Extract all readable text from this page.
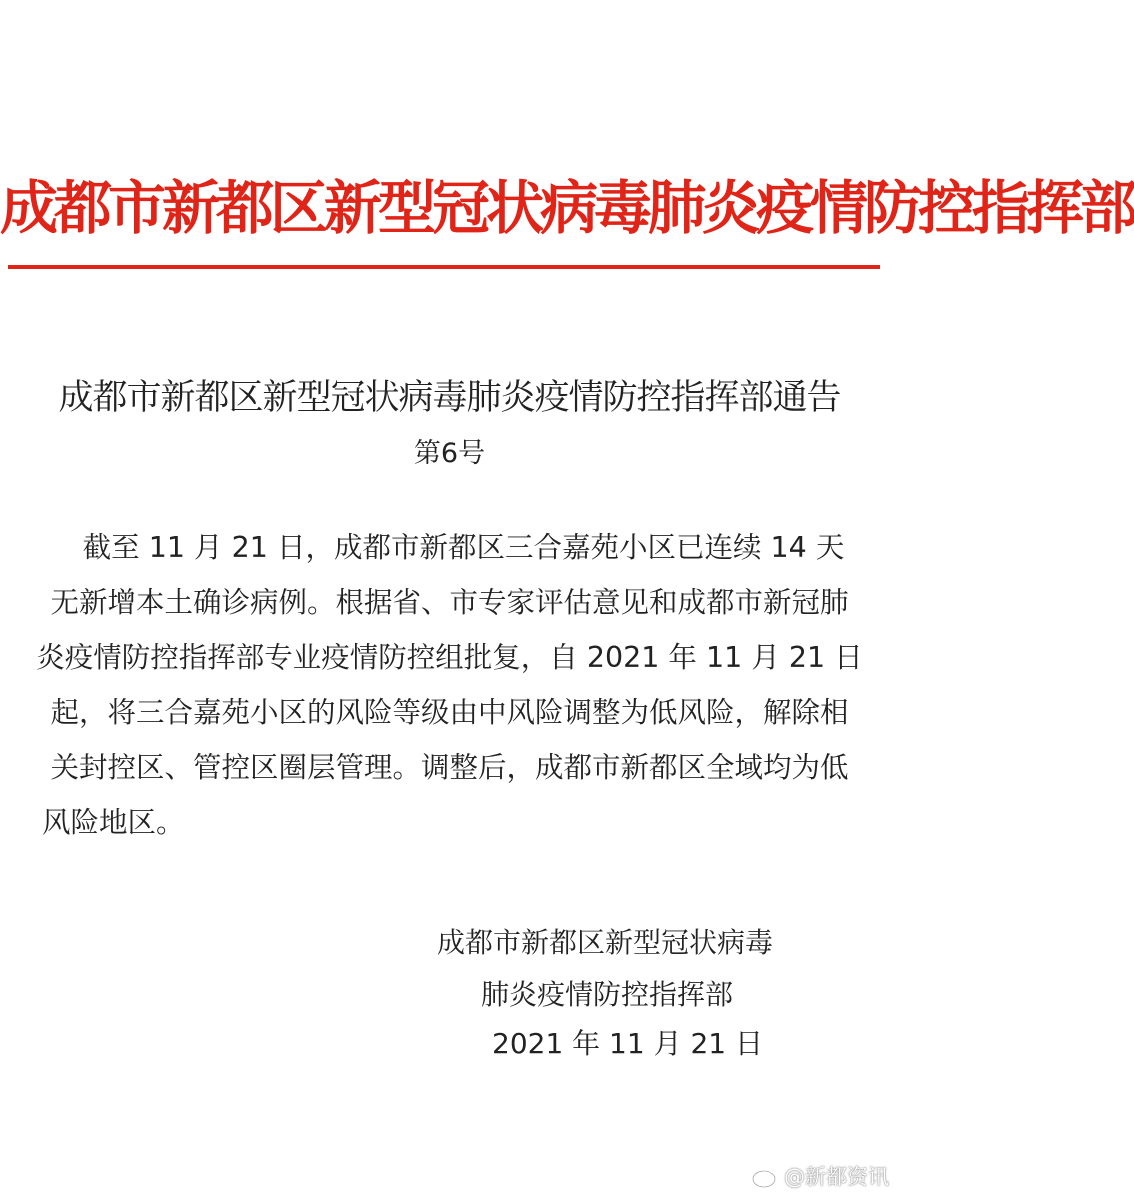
成都市新都区新型冠状病毒肺炎疫情防控指挥部
成都市新都区新型冠状病毒肺炎疫情防控指挥部通告
第6号
截至 11 月 21 日，成都市新都区三合嘉苑小区已连续 14 天
无新增本土确诊病例。根据省、市专家评估意见和成都市新冠肺
炎疫情防控指挥部专业疫情防控组批复，自 2021 年 11 月 21 日
起，将三合嘉苑小区的风险等级由中风险调整为低风险，解除相
关封控区、管控区圈层管理。调整后，成都市新都区全域均为低
风险地区。
成都市新都区新型冠状病毒
肺炎疫情防控指挥部
2021 年 11 月 21 日
@新都资讯
